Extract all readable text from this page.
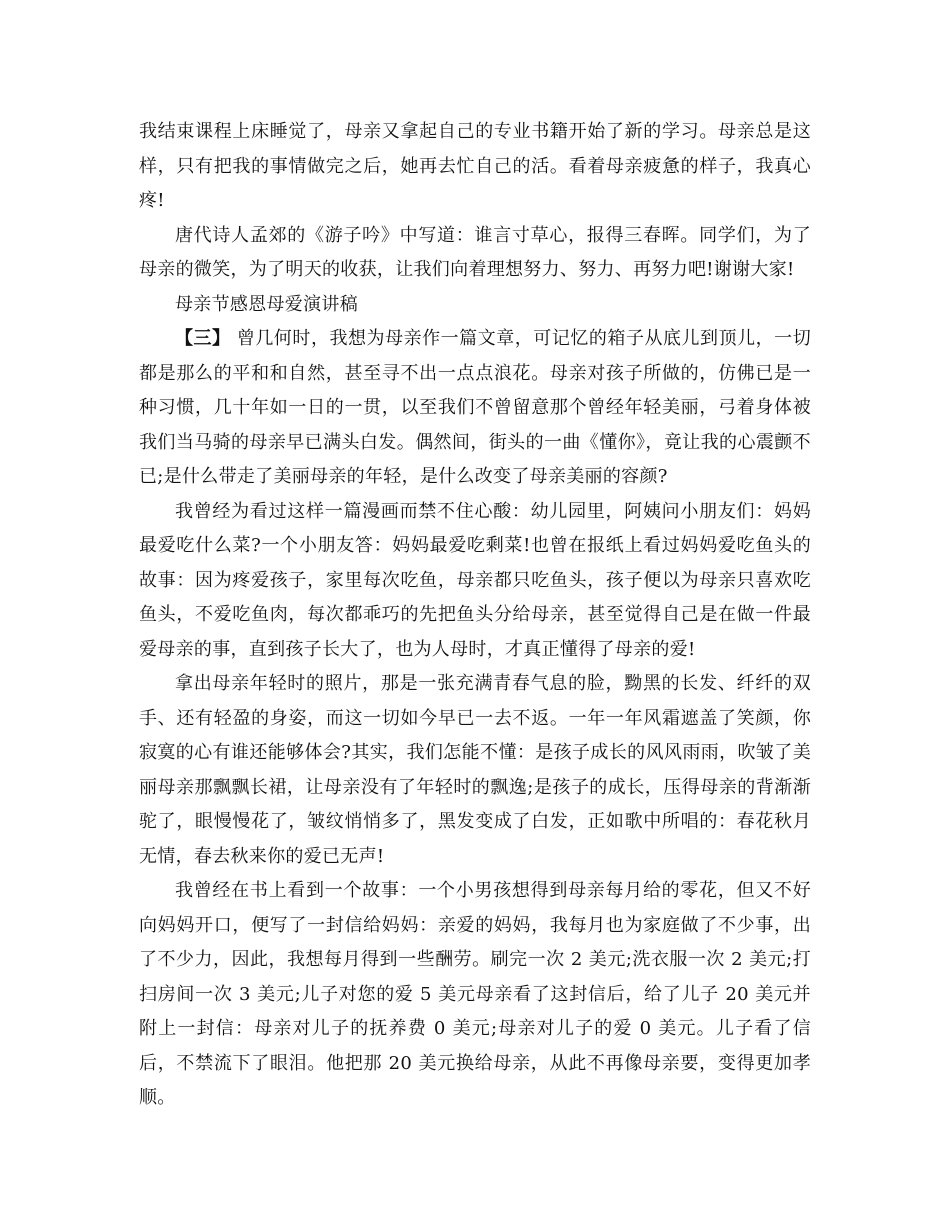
我结束课程上床睡觉了，母亲又拿起自己的专业书籍开始了新的学习。母亲总是这样，只有把我的事情做完之后，她再去忙自己的活。看着母亲疲惫的样子，我真心疼!

唐代诗人孟郊的《游子吟》中写道：谁言寸草心，报得三春晖。同学们，为了母亲的微笑，为了明天的收获，让我们向着理想努力、努力、再努力吧!谢谢大家!

母亲节感恩母爱演讲稿

【三】 曾几何时，我想为母亲作一篇文章，可记忆的箱子从底儿到顶儿，一切都是那么的平和和自然，甚至寻不出一点点浪花。母亲对孩子所做的，仿佛已是一种习惯，几十年如一日的一贯，以至我们不曾留意那个曾经年轻美丽，弓着身体被我们当马骑的母亲早已满头白发。偶然间，街头的一曲《懂你》，竟让我的心震颤不已;是什么带走了美丽母亲的年轻，是什么改变了母亲美丽的容颜?

我曾经为看过这样一篇漫画而禁不住心酸：幼儿园里，阿姨问小朋友们：妈妈最爱吃什么菜?一个小朋友答：妈妈最爱吃剩菜!也曾在报纸上看过妈妈爱吃鱼头的故事：因为疼爱孩子，家里每次吃鱼，母亲都只吃鱼头，孩子便以为母亲只喜欢吃鱼头，不爱吃鱼肉，每次都乖巧的先把鱼头分给母亲，甚至觉得自己是在做一件最爱母亲的事，直到孩子长大了，也为人母时，才真正懂得了母亲的爱!

拿出母亲年轻时的照片，那是一张充满青春气息的脸，黝黑的长发、纤纤的双手、还有轻盈的身姿，而这一切如今早已一去不返。一年一年风霜遮盖了笑颜，你寂寞的心有谁还能够体会?其实，我们怎能不懂：是孩子成长的风风雨雨，吹皱了美丽母亲那飘飘长裙，让母亲没有了年轻时的飘逸;是孩子的成长，压得母亲的背渐渐驼了，眼慢慢花了，皱纹悄悄多了，黑发变成了白发，正如歌中所唱的：春花秋月无情，春去秋来你的爱已无声!

我曾经在书上看到一个故事：一个小男孩想得到母亲每月给的零花，但又不好向妈妈开口，便写了一封信给妈妈：亲爱的妈妈，我每月也为家庭做了不少事，出了不少力，因此，我想每月得到一些酬劳。刷完一次 2 美元;洗衣服一次 2 美元;打扫房间一次 3 美元;儿子对您的爱 5 美元母亲看了这封信后，给了儿子 20 美元并附上一封信：母亲对儿子的抚养费 0 美元;母亲对儿子的爱 0 美元。儿子看了信后，不禁流下了眼泪。他把那 20 美元换给母亲，从此不再像母亲要，变得更加孝顺。
